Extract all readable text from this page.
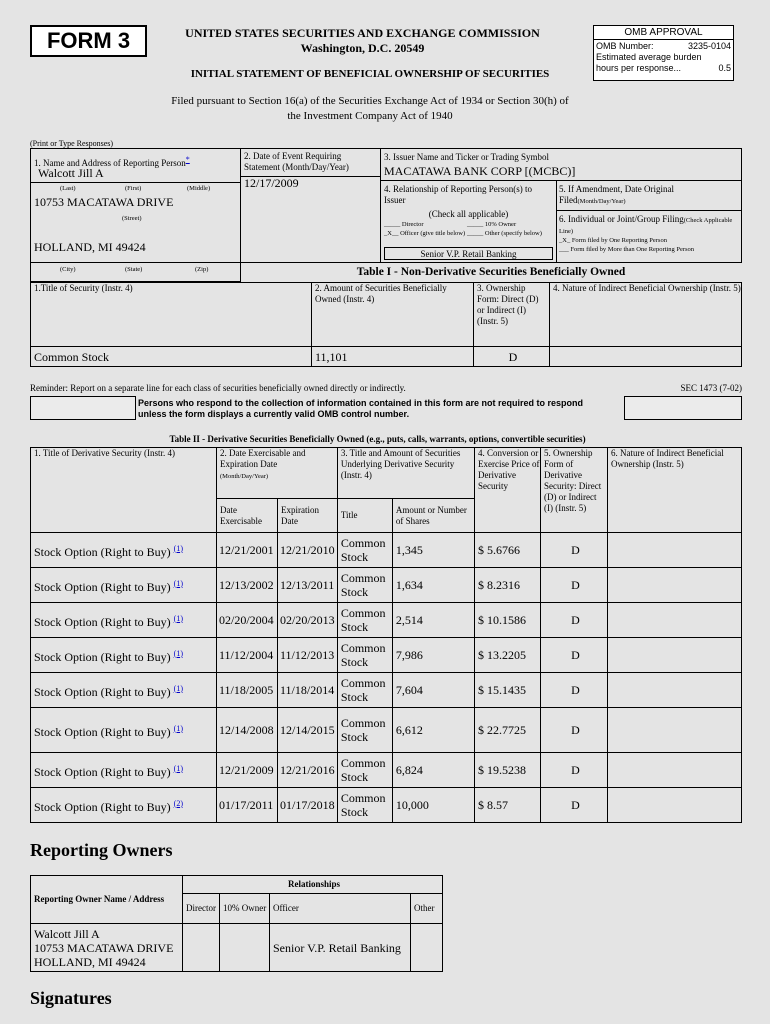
FORM 3	UNITED STATES SECURITIES AND EXCHANGE COMMISSION
Washington, D.C. 20549
INITIAL STATEMENT OF BENEFICIAL OWNERSHIP OF SECURITIES
OMB APPROVAL
OMB Number:	3235-0104
Estimated average burden
hours per response...	0.5
Filed pursuant to Section 16(a) of the Securities Exchange Act of 1934 or Section 30(h) of
the Investment Company Act of 1940
(Print or Type Responses)
1. Name and Address of Reporting Person*
Walcott Jill A
(Last)	(First)	(Middle)
10753 MACATAWA DRIVE
(Street)
HOLLAND, MI 49424
(City)	(State)	(Zip)
2. Date of Event Requiring Statement (Month/Day/Year)
12/17/2009
3. Issuer Name and Ticker or Trading Symbol
MACATAWA BANK CORP [(MCBC)]
4. Relationship of Reporting Person(s) to Issuer
(Check all applicable)
_____ Director	_____ 10% Owner
_X__ Officer (give title below) _____ Other (specify below)
Senior V.P. Retail Banking
5. If Amendment, Date Original Filed(Month/Day/Year)
6. Individual or Joint/Group Filing(Check Applicable Line)
_X_ Form filed by One Reporting Person
___ Form filed by More than One Reporting Person
Table I - Non-Derivative Securities Beneficially Owned
1.Title of Security (Instr. 4)	2. Amount of Securities Beneficially Owned (Instr. 4)	3. Ownership Form: Direct (D) or Indirect (I) (Instr. 5)	4. Nature of Indirect Beneficial Ownership (Instr. 5)
Common Stock	11,101	D	
Reminder: Report on a separate line for each class of securities beneficially owned directly or indirectly.	SEC 1473 (7-02)
Persons who respond to the collection of information contained in this form are not required to respond
unless the form displays a currently valid OMB control number.
Table II - Derivative Securities Beneficially Owned (e.g., puts, calls, warrants, options, convertible securities)
1. Title of Derivative Security (Instr. 4)	2. Date Exercisable and Expiration Date
(Month/Day/Year)		3. Title and Amount of Securities Underlying Derivative Security (Instr. 4)		4. Conversion or Exercise Price of Derivative Security	5. Ownership Form of Derivative Security: Direct (D) or Indirect (I) (Instr. 5)	6. Nature of Indirect Beneficial Ownership (Instr. 5)
	Date Exercisable	Expiration Date	Title	Amount or Number of Shares			
Stock Option (Right to Buy) $^{(1)}$	12/21/2001	12/21/2010	Common Stock	1,345	$ 5.6766	D	
Stock Option (Right to Buy) $^{(1)}$	12/13/2002	12/13/2011	Common Stock	1,634	$ 8.2316	D	
Stock Option (Right to Buy) $^{(1)}$	02/20/2004	02/20/2013	Common Stock	2,514	$ 10.1586	D	
Stock Option (Right to Buy) $^{(1)}$	11/12/2004	11/12/2013	Common Stock	7,986	$ 13.2205	D	
Stock Option (Right to Buy) $^{(1)}$	11/18/2005	11/18/2014	Common Stock	7,604	$ 15.1435	D	
Stock Option (Right to Buy) $^{(1)}$	12/14/2008	12/14/2015	Common Stock	6,612	$ 22.7725	D	
Stock Option (Right to Buy) $^{(1)}$	12/21/2009	12/21/2016	Common Stock	6,824	$ 19.5238	D	
Stock Option (Right to Buy) $^{(2)}$	01/17/2011	01/17/2018	Common Stock	10,000	$ 8.57	D	
Reporting Owners
Reporting Owner Name / Address	Relationships			
	Director	10% Owner	Officer	Other
Walcott Jill A
10753 MACATAWA DRIVE
HOLLAND, MI 49424			Senior V.P. Retail Banking	
Signatures
